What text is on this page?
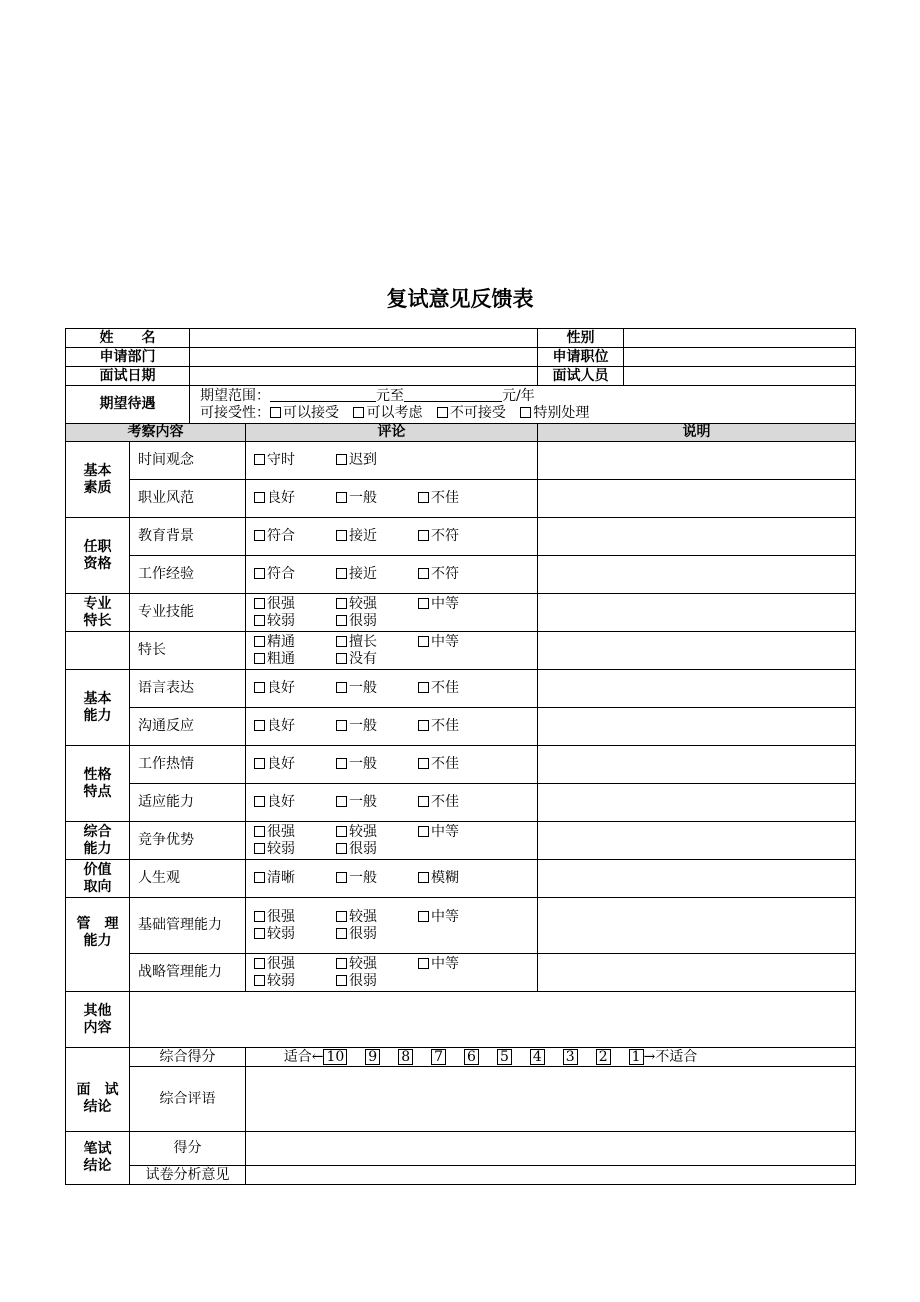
复试意见反馈表
姓　　名				性别	
申请部门				申请职位	
面试日期				面试人员	
期望待遇		期望范围： 元至 元/年
可接受性： 可以接受 可以考虑 不可接受 特别处理			

考察内容			评论	说明	
基本素质	时间观念		守时 迟到		
	职业风范		良好 一般 不佳		
任职资格	教育背景		符合 接近 不符		
	工作经验		符合 接近 不符		
专业特长	专业技能		很强 较强 中等
较弱 很弱		

	特长		精通 擅长 中等
粗通 没有		

基本能力	语言表达		良好 一般 不佳		
	沟通反应		良好 一般 不佳		
性格特点	工作热情		良好 一般 不佳		
	适应能力		良好 一般 不佳		
综合能力	竞争优势		很强 较强 中等
较弱 很弱		

价值取向	人生观		清晰 一般 模糊		
管　理能力	基础管理能力		很强 较强 中等
较弱 很弱		

	战略管理能力		很强 较强 中等
较弱 很弱		

其他内容					
	综合得分		适合← 10 9 8 7 6 5 4 3 2 1 →不适合		
面　试结论	综合评语				
笔试结论	得分				
	试卷分析意见				
